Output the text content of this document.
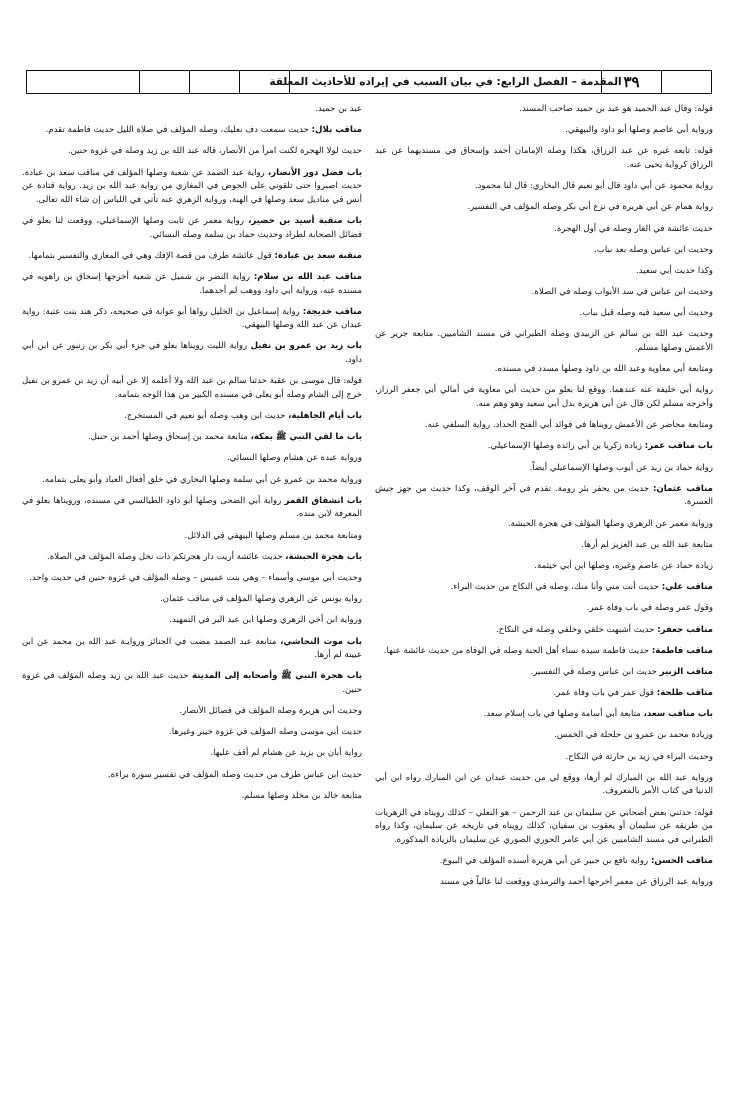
٣٩
المقدمة – الفصل الرابع: في بيان السبب في إيراده للأحاديث المعلقة

قوله: وقال عبد الحميد هو عبد بن حميد صاحب المسند.

ورواية أبي عاصم وصلها أبو داود والبيهقي.

قوله: تابعه غيره عن عبد الرزاق، هكذا وصله الإمامان أحمد وإسحاق في مسنديهما عن عبد الرزاق كرواية يحيى عنه.

رواية محمود عن أبي داود قال أبو نعيم قال البخاري: قال لنا محمود.

رواية همام عن أبي هريرة في نزع أبي بكر وصله المؤلف في التفسير.

حديث عائشة في الغار وصله في أول الهجرة.

وحديث ابن عباس وصله بعد بباب.

وكذا حديث أبي سعيد.

وحديث ابن عباس في سد الأبواب وصله في الصلاة.

وحديث أبي سعيد فيه وصله قبل بباب.

وحديث عبد الله بن سالم عن الزبيدي وصله الطبراني في مسند الشاميين. متابعة جرير عن الأعمش وصلها مسلم.

ومتابعة أبي معاوية وعبد الله بن داود وصلها مسدد في مسنده.

رواية أبي خليفة عنه عندهما. ووقع لنا بعلو من حديث أبي معاوية في أمالي أبي جعفر الرزاز، وأخرجه مسلم لكن قال عن أبي هريرة بدل أبي سعيد وهو وهم منه.

ومتابعة محاضر عن الأعمش رويناها في فوائد أبي الفتح الحداد. رواية السلفي عنه.

باب مناقب عمر: زيادة زكريا بن أبي زائدة وصلها الإسماعيلي.

رواية حماد بن زيد عن أيوب وصلها الإسماعيلي أيضاً.

مناقب عثمان: حديث من يحفر بئر رومة. تقدم في آخر الوقف، وكذا حديث من جهز جيش العسرة.

ورواية معمر عن الزهري وصلها المؤلف في هجرة الحبشة.

متابعة عبد الله بن عبد العزيز لم أرها.

زيادة حماد عن عاصم وغيره، وصلها ابن أبي خيثمة.

مناقب علي: حديث أنت مني وأنا منك، وصله في النكاح من حديث البراء.

وقول عمر وصله في باب وفاة عمر.

مناقب جعفر: حديث أشبهت خلقي وخلقي وصله في النكاح.

مناقب فاطمة: حديث فاطمة سيدة نساء أهل الجنة وصله في الوفاة من حديث عائشة عنها.

مناقب الزبير حديث ابن عباس وصله في التفسير.

مناقب طلحة: قول عمر في باب وفاة عمر.

باب مناقب سعد، متابعة أبي أسامة وصلها في باب إسلام سعد.

وزيادة محمد بن عمرو بن حلحلة في الخمس.

وحديث البراء في زيد بن حارثة في النكاح.

ورواية عبد الله بن المبارك لم أرها، ووقع لي من حديث عبدان عن ابن المبارك رواه ابن أبي الدنيا في كتاب الأمر بالمعروف.

قوله: حدثني بعض أصحابي عن سليمان بن عبد الرحمن – هو النعلي – كذلك رويناه في الزهريات من طريقه عن سليمان أو يعقوب بن سفيان، كذلك رويناه في تاريخه عن سليمان، وكذا رواه الطبراني في مسند الشاميين عن أبي عامر الحوري الصوري عن سليمان بالزيادة المذكورة.

مناقب الحسن: رواية نافع بن جبير عن أبي هريرة أسنده المؤلف في البيوع.

ورواية عبد الرزاق عن معمر أخرجها أحمد والترمذي ووقعت لنا عالياً في مسند

عبد بن حميد.

مناقب بلال: حديث سمعت دف نعليك، وصله المؤلف في صلاة الليل حديث فاطمة تقدم.

حديث لولا الهجرة لكنت امرأ من الأنصار، قاله عبد الله بن زيد وصله في غزوة حنين.

باب فضل دور الأنصار، رواية عبد الصمد عن شعبة وصلها المؤلف في مناقب سعد بن عبادة. حديث اصبروا حتى تلقوني على الحوض في المغازي من رواية عبد الله بن زيد. رواية قتادة عن أنس في مناديل سعد وصلها في الهبة، ورواية الزهري عنه تأتي في اللباس إن شاء الله تعالى.

باب منقبة أسيد بن حضير، رواية معمر عن ثابت وصلها الإسماعيلي، ووقعت لنا بعلو في فضائل الصحابة لطراد وحديث حماد بن سلمة وصله النسائي.

منقبة سعد بن عبادة: قول عائشة طرف من قصة الإفك وهي في المغازي والتفسير بتمامها.

مناقب عبد الله بن سلام: رواية النضر بن شميل عن شعبة أخرجها إسحاق بن راهويه في مسنده عنه، ورواية أبي داود ووهب لم أجدهما.

مناقب خديجة: رواية إسماعيل بن الخليل رواها أبو عوانة في صحيحه، ذكر هند بنت عتبة: رواية عبدان عن عبد الله وصلها البيهقي.

باب زيد بن عمرو بن نفيل رواية الليث رويناها بعلو في جزء أبي بكر بن زنبور عن ابن أبي داود.

قوله: قال موسى بن عقبة حدثنا سالم بن عبد الله ولا أعلمه إلا عن أبيه أن زيد بن عمرو بن نفيل خرج إلى الشام وصله أبو يعلى في مسنده الكبير من هذا الوجه بتمامه.

باب أيام الجاهلية، حديث ابن وهب وصله أبو نعيم في المستخرج.

باب ما لقي النبي ﷺ بمكة، متابعة محمد بن إسحاق وصلها أحمد بن حنبل.

ورواية عبدة عن هشام وصلها النسائي.

ورواية محمد بن عمرو عن أبي سلمة وصلها البخاري في خلق أفعال العباد وأبو يعلى بتمامه.

باب انشقاق القمر رواية أبي الضحى وصلها أبو داود الطيالسي في مسنده، ورويناها بعلو في المعرفة لابن منده.

ومتابعة محمد بن مسلم وصلها البيهقي في الدلائل.

باب هجرة الحبشة، حديث عائشة أريت دار هجرتكم ذات نخل وصله المؤلف في الصلاة.

وحديث أبي موسى وأسماء – وهي بنت عميس – وصله المؤلف في غزوة حنين في حديث واحد.

رواية يونس عن الزهري وصلها المؤلف في مناقب عثمان.

ورواية ابن أخي الزهري وصلها ابن عبد البر في التمهيد.

باب موت النجاشي، متابعة عبد الصمد مضت في الجنائز وروايـة عبد الله بن محمد عن ابن عيينة لم أرها.

باب هجرة النبي ﷺ وأصحابه إلى المدينة حديث عبد الله بن زيد وصله المؤلف في غزوة حنين.

وحديث أبي هريرة وصله المؤلف في فضائل الأنصار.

حديث أبي موسى وصله المؤلف في غزوة خيبر وغيرها.

رواية أبان بن يزيد عن هشام لم أقف عليها.

حديث ابن عباس طرف من حديث وصله المؤلف في تفسير سورة براءة.

متابعة خالد بن مخلد وصلها مسلم.
